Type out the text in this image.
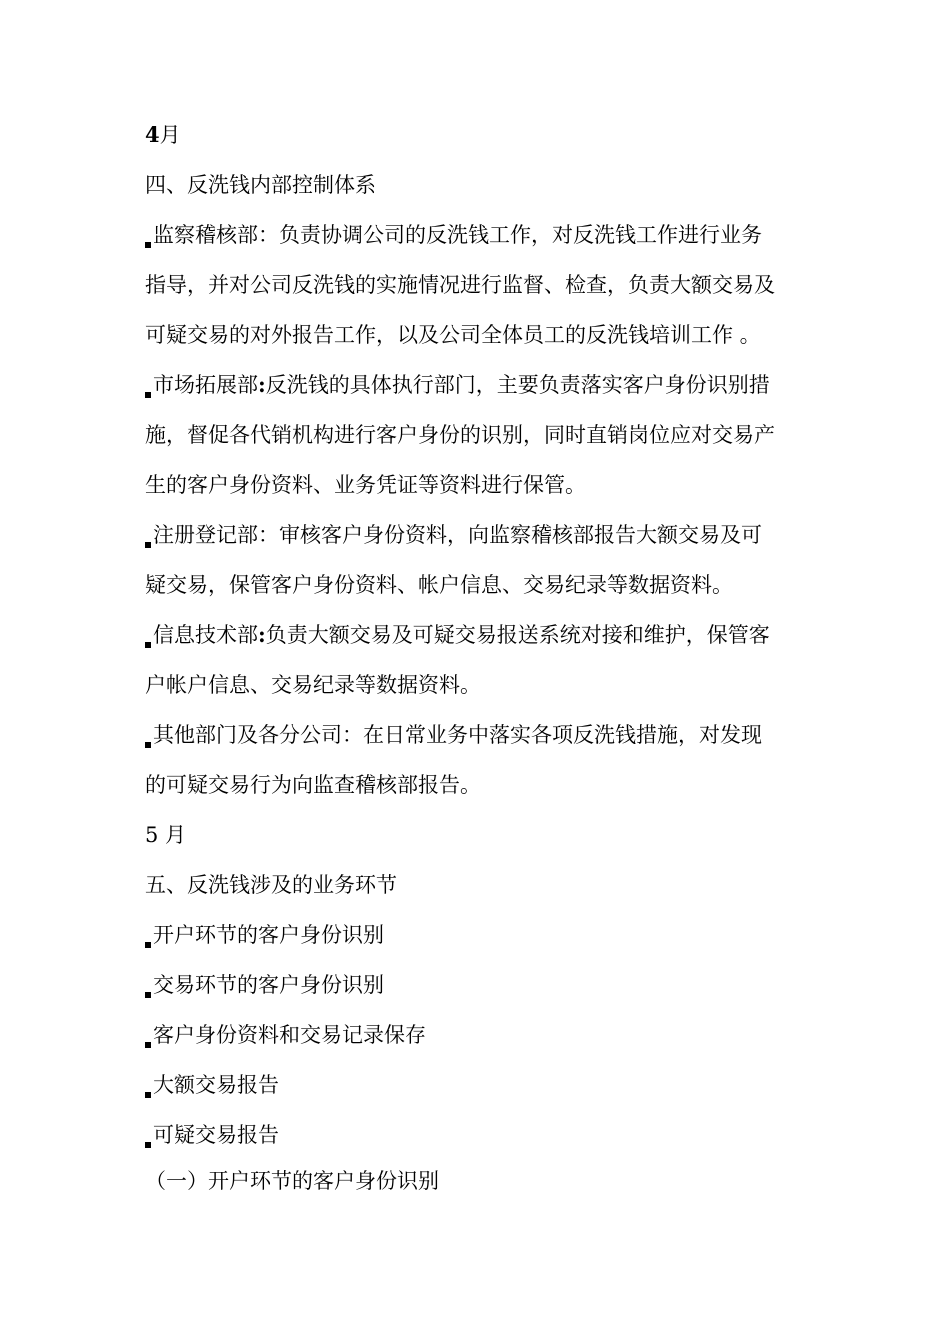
4月
四、反洗钱内部控制体系
监察稽核部：负责协调公司的反洗钱工作，对反洗钱工作进行业务
指导，并对公司反洗钱的实施情况进行监督、检查，负责大额交易及
可疑交易的对外报告工作，以及公司全体员工的反洗钱培训工作 。
市场拓展部:反洗钱的具体执行部门，主要负责落实客户身份识别措
施，督促各代销机构进行客户身份的识别，同时直销岗位应对交易产
生的客户身份资料、业务凭证等资料进行保管。
注册登记部：审核客户身份资料，向监察稽核部报告大额交易及可
疑交易，保管客户身份资料、帐户信息、交易纪录等数据资料。
信息技术部:负责大额交易及可疑交易报送系统对接和维护，保管客
户帐户信息、交易纪录等数据资料。
其他部门及各分公司：在日常业务中落实各项反洗钱措施，对发现
的可疑交易行为向监查稽核部报告。
5 月
五、反洗钱涉及的业务环节
开户环节的客户身份识别
交易环节的客户身份识别
客户身份资料和交易记录保存
大额交易报告
可疑交易报告
（一）开户环节的客户身份识别
